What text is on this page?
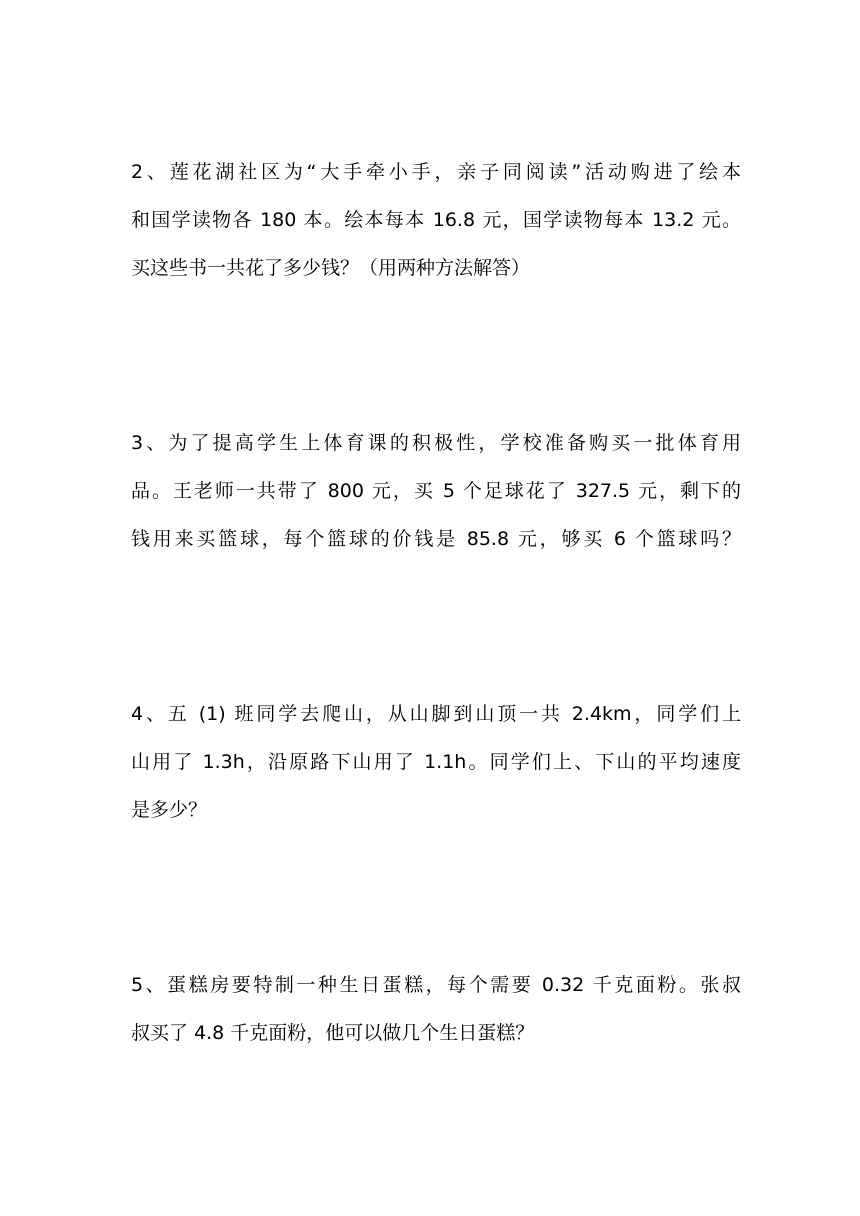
2、莲花湖社区为“大手牵小手，亲子同阅读”活动购进了绘本
和国学读物各 180 本。绘本每本 16.8 元，国学读物每本 13.2 元。
买这些书一共花了多少钱？（用两种方法解答）
3、为了提高学生上体育课的积极性，学校准备购买一批体育用
品。王老师一共带了 800 元，买 5 个足球花了 327.5 元，剩下的
钱用来买篮球，每个篮球的价钱是 85.8 元，够买 6 个篮球吗？
4、五 (1) 班同学去爬山，从山脚到山顶一共 2.4km，同学们上
山用了 1.3h，沿原路下山用了 1.1h。同学们上、下山的平均速度
是多少？
5、蛋糕房要特制一种生日蛋糕，每个需要 0.32 千克面粉。张叔
叔买了 4.8 千克面粉，他可以做几个生日蛋糕？
